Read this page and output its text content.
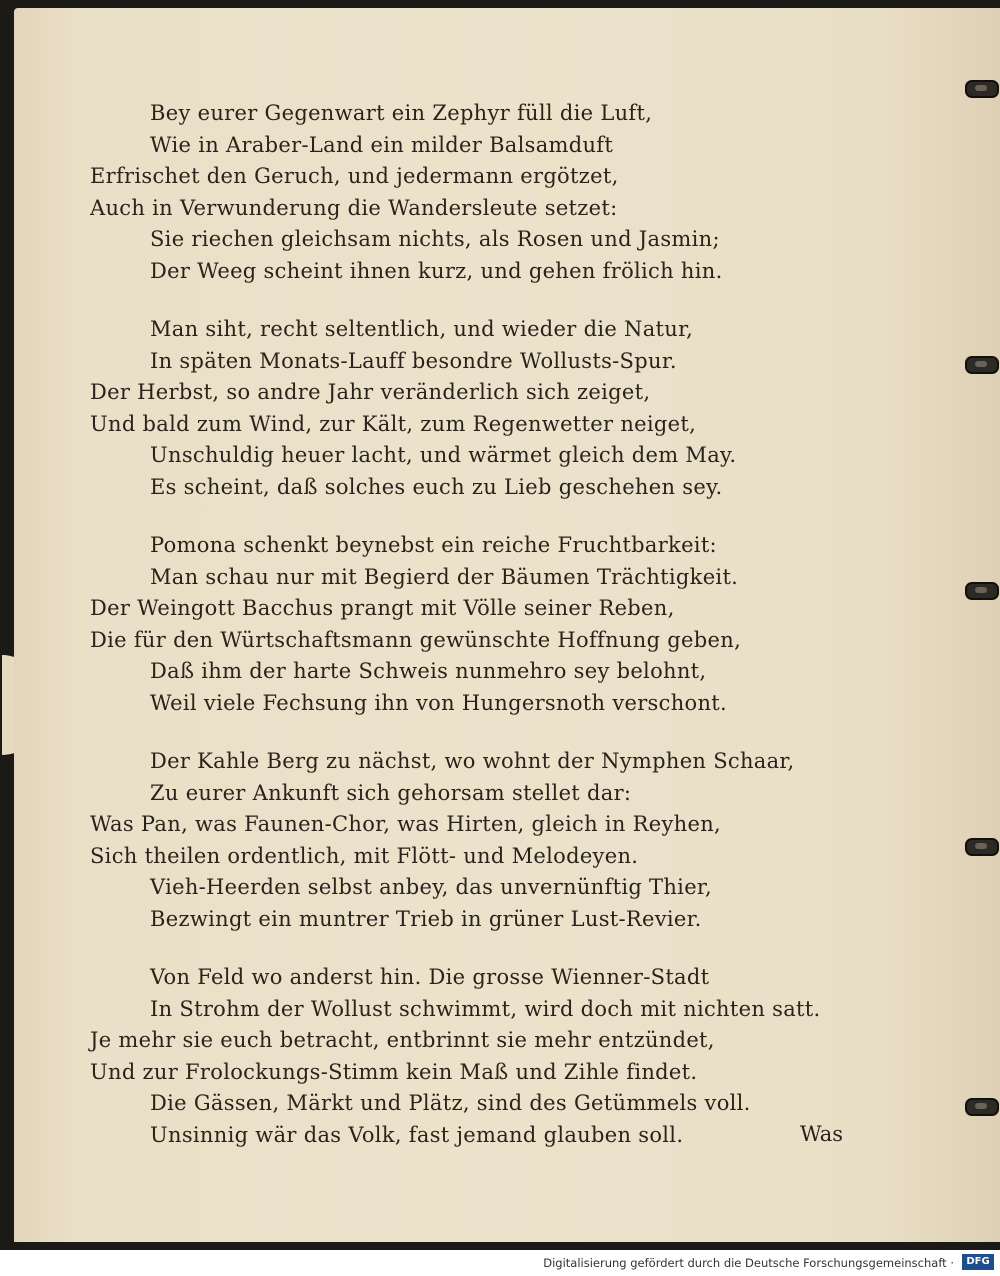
Bey eurer Gegenwart ein Zephyr füll die Luft,
Wie in Araber-Land ein milder Balsamduft
Erfrischet den Geruch, und jedermann ergötzet,
Auch in Verwunderung die Wandersleute setzet:
Sie riechen gleichsam nichts, als Rosen und Jasmin;
Der Weeg scheint ihnen kurz, und gehen frölich hin.
Man siht, recht seltentlich, und wieder die Natur,
In späten Monats-Lauff besondre Wollusts-Spur.
Der Herbst, so andre Jahr veränderlich sich zeiget,
Und bald zum Wind, zur Kält, zum Regenwetter neiget,
Unschuldig heuer lacht, und wärmet gleich dem May.
Es scheint, daß solches euch zu Lieb geschehen sey.
Pomona schenkt beynebst ein reiche Fruchtbarkeit:
Man schau nur mit Begierd der Bäumen Trächtigkeit.
Der Weingott Bacchus prangt mit Völle seiner Reben,
Die für den Würtschaftsmann gewünschte Hoffnung geben,
Daß ihm der harte Schweis nunmehro sey belohnt,
Weil viele Fechsung ihn von Hungersnoth verschont.
Der Kahle Berg zu nächst, wo wohnt der Nymphen Schaar,
Zu eurer Ankunft sich gehorsam stellet dar:
Was Pan, was Faunen-Chor, was Hirten, gleich in Reyhen,
Sich theilen ordentlich, mit Flött- und Melodeyen.
Vieh-Heerden selbst anbey, das unvernünftig Thier,
Bezwingt ein muntrer Trieb in grüner Lust-Revier.
Von Feld wo anderst hin. Die grosse Wienner-Stadt
In Strohm der Wollust schwimmt, wird doch mit nichten satt.
Je mehr sie euch betracht, entbrinnt sie mehr entzündet,
Und zur Frolockungs-Stimm kein Maß und Zihle findet.
Die Gässen, Märkt und Plätz, sind des Getümmels voll.
Unsinnig wär das Volk, fast jemand glauben soll.	Was
Digitalisierung gefördert durch die Deutsche Forschungsgemeinschaft ·	DFG
